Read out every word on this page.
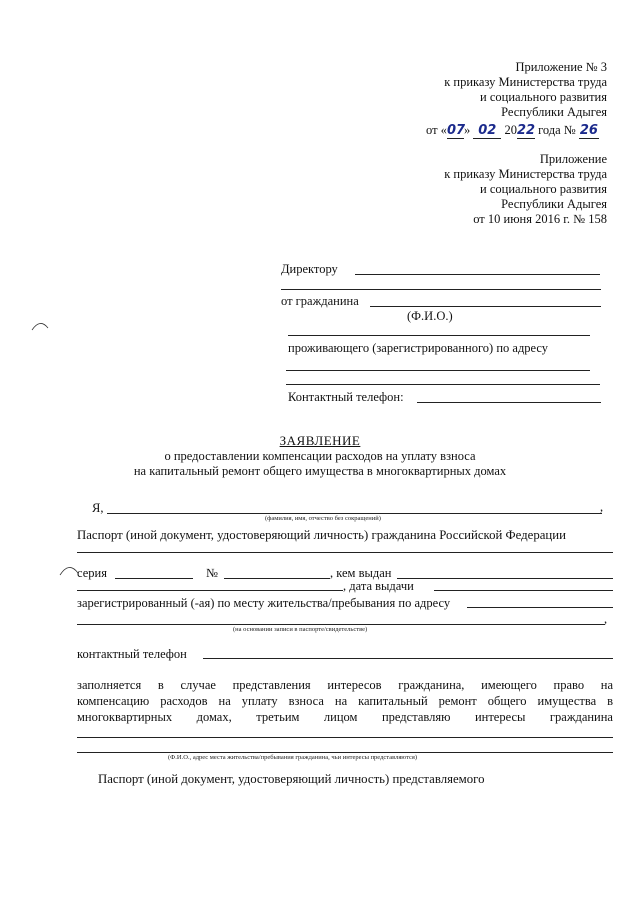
Приложение № 3
к приказу Министерства труда
и социального развития
Республики Адыгея
от «07» 02 2022 года № 26
Приложение
к приказу Министерства труда
и социального развития
Республики Адыгея
от 10 июня 2016 г. № 158
Директору
от гражданина
(Ф.И.О.)
проживающего (зарегистрированного) по адресу
Контактный телефон:
ЗАЯВЛЕНИЕ
о предоставлении компенсации расходов на уплату взноса
на капитальный ремонт общего имущества в многоквартирных домах
Я,	,
(фамилия, имя, отчество без сокращений)
Паспорт (иной документ, удостоверяющий личность) гражданина Российской Федерации
серия	№	, кем выдан
, дата выдачи
зарегистрированный (-ая) по месту жительства/пребывания по адресу
,
(на основании записи в паспорте/свидетельстве)
контактный телефон
заполняется в случае представления интересов гражданина, имеющего право на
компенсацию расходов на уплату взноса на капитальный ремонт общего имущества в
многоквартирных домах, третьим лицом представляю интересы гражданина
(Ф.И.О., адрес места жительства/пребывания гражданина, чьи интересы представляются)
Паспорт (иной документ, удостоверяющий личность) представляемого
